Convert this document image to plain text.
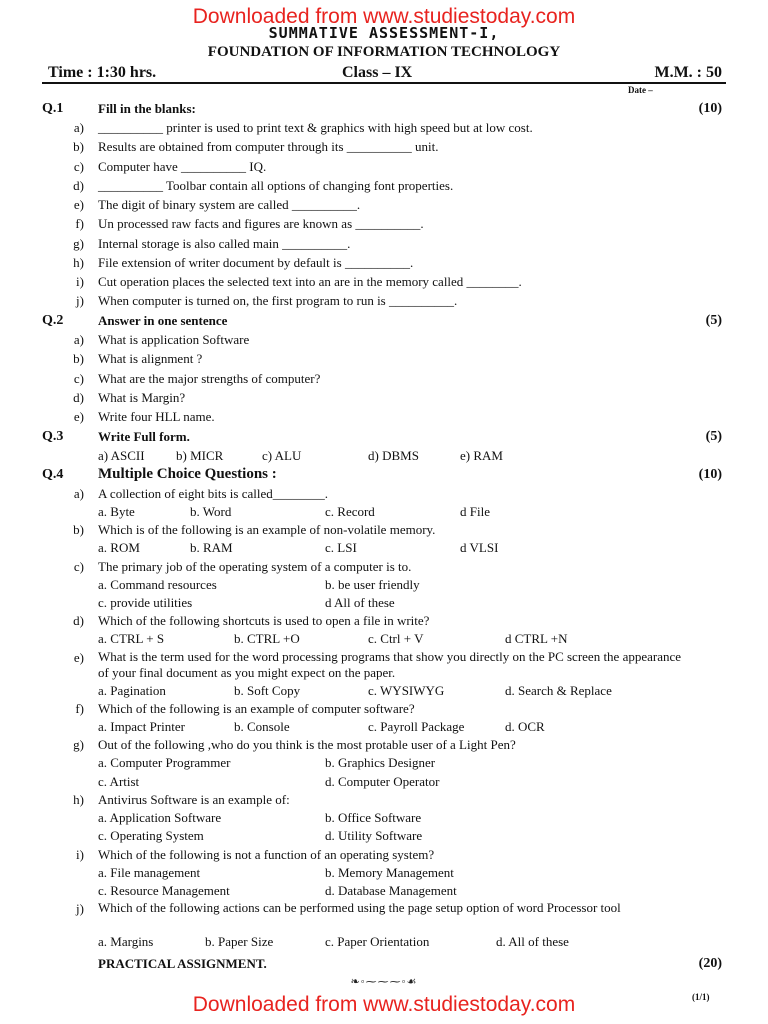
Downloaded from www.studiestoday.com
Downloaded from www.studiestoday.com
SUMMATIVE ASSESSMENT-I,
FOUNDATION OF INFORMATION TECHNOLOGY
Time : 1:30 hrs.	Class – IX	M.M. : 50
Date –
Q.1	Fill in the blanks:	(10)
a) __________ printer is used to print text & graphics with high speed but at low cost.
b) Results are obtained from computer through its __________ unit.
c) Computer have __________ IQ.
d) __________ Toolbar contain all options of changing font properties.
e) The digit of binary system are called __________.
f) Un processed raw facts and figures are known as __________.
g) Internal storage is also called main __________.
h) File extension of writer document by default is __________.
i) Cut operation places the selected text into an are in the memory called ________.
j) When computer is turned on, the first program to run is __________.
Q.2	Answer in one sentence	(5)
a) What is application Software
b) What is alignment ?
c) What are the major strengths of computer?
d) What is Margin?
e) Write four HLL name.
Q.3	Write Full form.	(5)
a) ASCII b) MICR	c) ALU	d) DBMS	e) RAM
Q.4 Multiple Choice Questions :	(10)
a) A collection of eight bits is called________.
a. Byte	b. Word	c. Record	d File
b) Which is of the following is an example of non-volatile memory.
a. ROM	b. RAM	c. LSI	d VLSI
c) The primary job of the operating system of a computer is to.
a. Command resources	b. be user friendly
c. provide utilities	d All of these
d) Which of the following shortcuts is used to open a file in write?
a. CTRL + S	b. CTRL +O	c. Ctrl + V	d CTRL +N
e) What is the term used for the word processing programs that show you directly on the PC screen the appearance of your final document as you might expect on the paper.
a. Pagination	b. Soft Copy	c. WYSIWYG	d. Search & Replace
f) Which of the following is an example of computer software?
a. Impact Printer	b. Console	c. Payroll Package	d. OCR
g) Out of the following ,who do you think is the most protable user of a Light Pen?
a. Computer Programmer	b. Graphics Designer
c. Artist	d. Computer Operator
h) Antivirus Software is an example of:
a. Application Software	b. Office Software
c. Operating System	d. Utility Software
i) Which of the following is not a function of an operating system?
a. File management	b. Memory Management
c. Resource Management	d. Database Management
j) Which of the following actions can be performed using the page setup option of word Processor tool
a. Margins	b. Paper Size	c. Paper Orientation	d. All of these
PRACTICAL ASSIGNMENT.	(20)
❧◦⁓⁓⁓◦☙
(1/1)
